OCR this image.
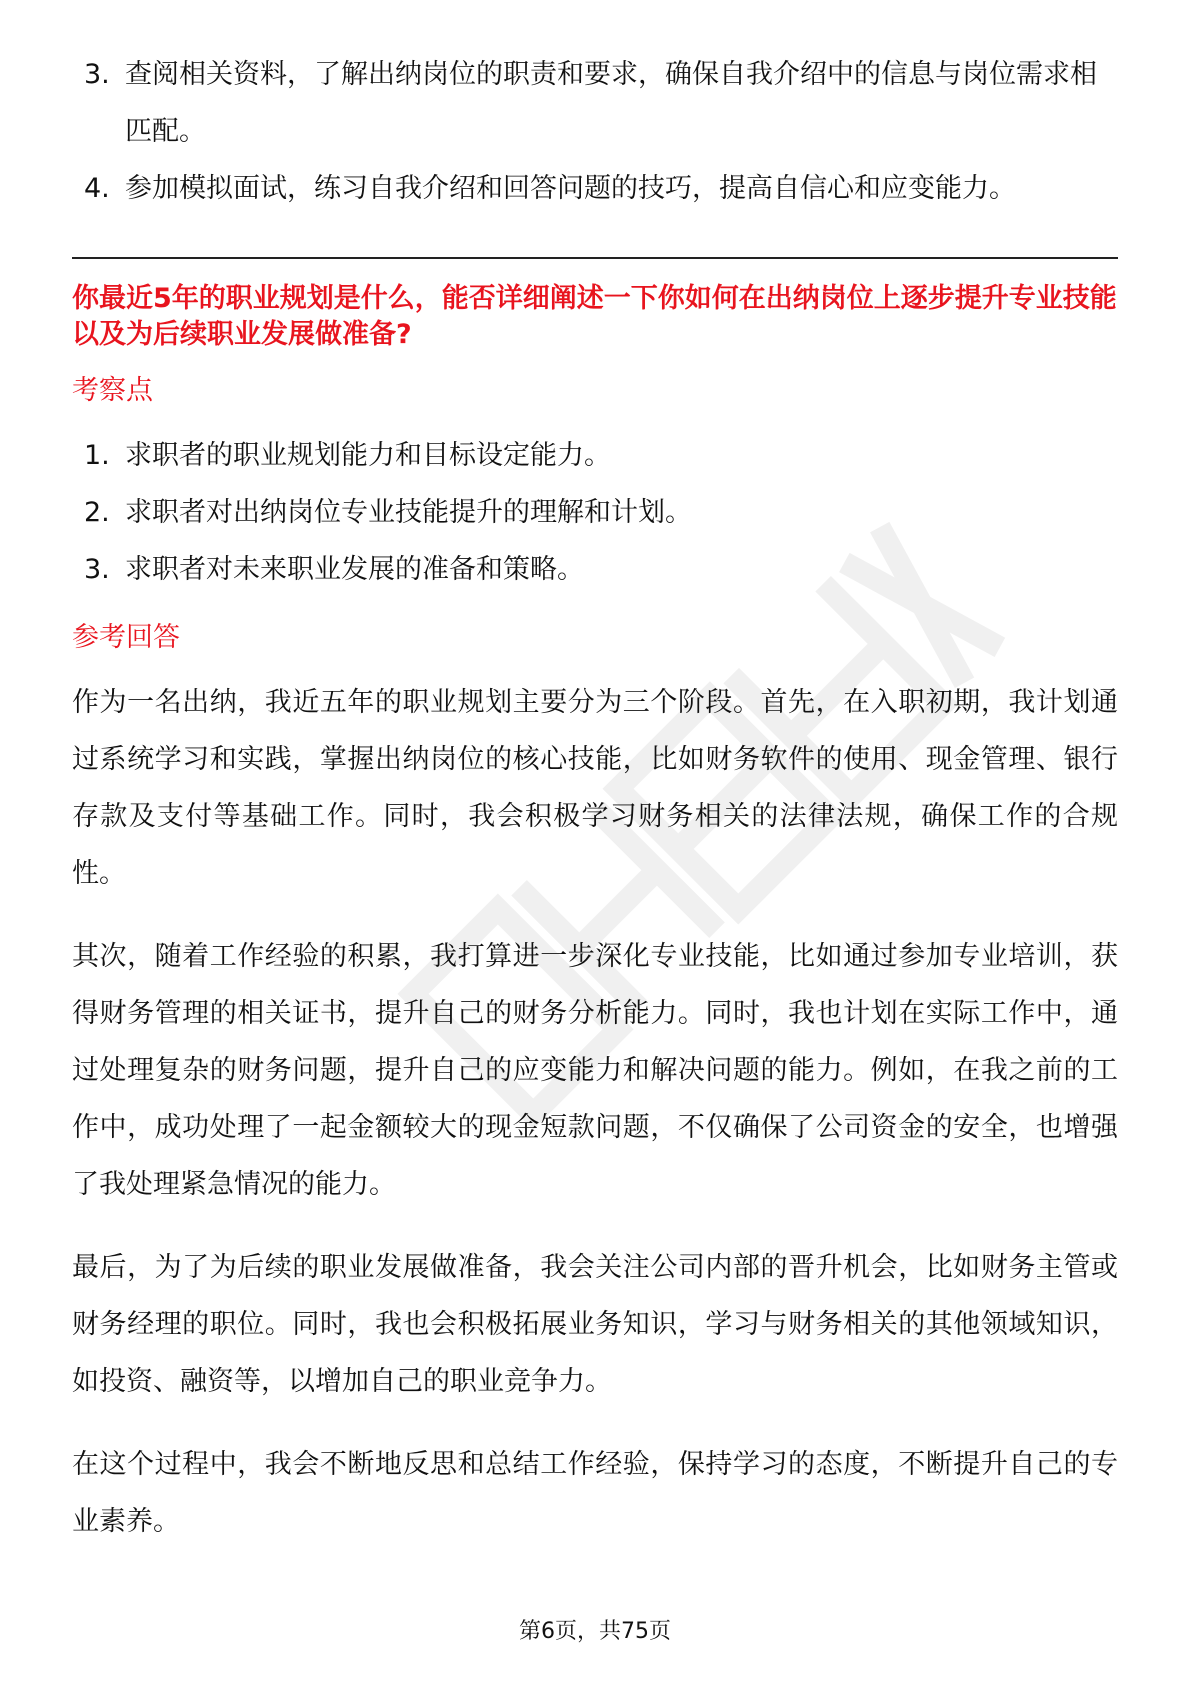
3. 查阅相关资料，了解出纳岗位的职责和要求，确保自我介绍中的信息与岗位需求相匹配。
4. 参加模拟面试，练习自我介绍和回答问题的技巧，提高自信心和应变能力。
你最近5年的职业规划是什么，能否详细阐述一下你如何在出纳岗位上逐步提升专业技能以及为后续职业发展做准备?
考察点
1. 求职者的职业规划能力和目标设定能力。
2. 求职者对出纳岗位专业技能提升的理解和计划。
3. 求职者对未来职业发展的准备和策略。
参考回答

作为一名出纳，我近五年的职业规划主要分为三个阶段。首先，在入职初期，我计划通过系统学习和实践，掌握出纳岗位的核心技能，比如财务软件的使用、现金管理、银行存款及支付等基础工作。同时，我会积极学习财务相关的法律法规，确保工作的合规性。

其次，随着工作经验的积累，我打算进一步深化专业技能，比如通过参加专业培训，获得财务管理的相关证书，提升自己的财务分析能力。同时，我也计划在实际工作中，通过处理复杂的财务问题，提升自己的应变能力和解决问题的能力。例如，在我之前的工作中，成功处理了一起金额较大的现金短款问题，不仅确保了公司资金的安全，也增强了我处理紧急情况的能力。

最后，为了为后续的职业发展做准备，我会关注公司内部的晋升机会，比如财务主管或财务经理的职位。同时，我也会积极拓展业务知识，学习与财务相关的其他领域知识，如投资、融资等，以增加自己的职业竞争力。

在这个过程中，我会不断地反思和总结工作经验，保持学习的态度，不断提升自己的专业素养。

第6页，共75页
